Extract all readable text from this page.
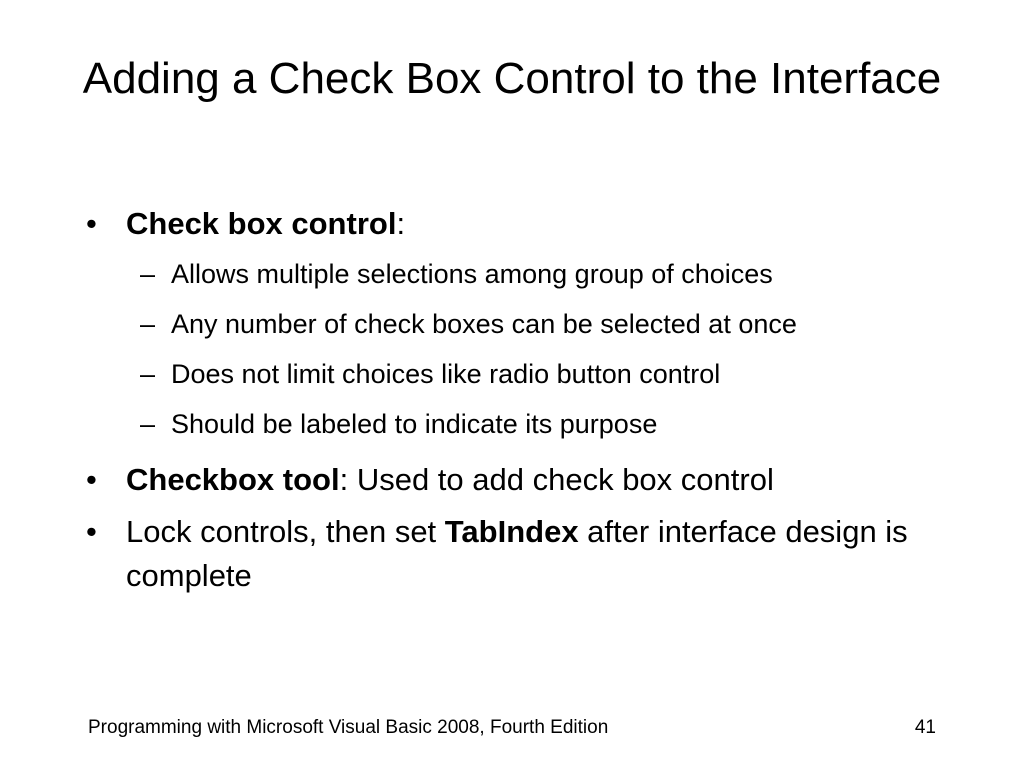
Adding a Check Box Control to the Interface
• Check box control:
– Allows multiple selections among group of choices
– Any number of check boxes can be selected at once
– Does not limit choices like radio button control
– Should be labeled to indicate its purpose
• Checkbox tool: Used to add check box control
• Lock controls, then set TabIndex after interface design is complete
Programming with Microsoft Visual Basic 2008, Fourth Edition	41
